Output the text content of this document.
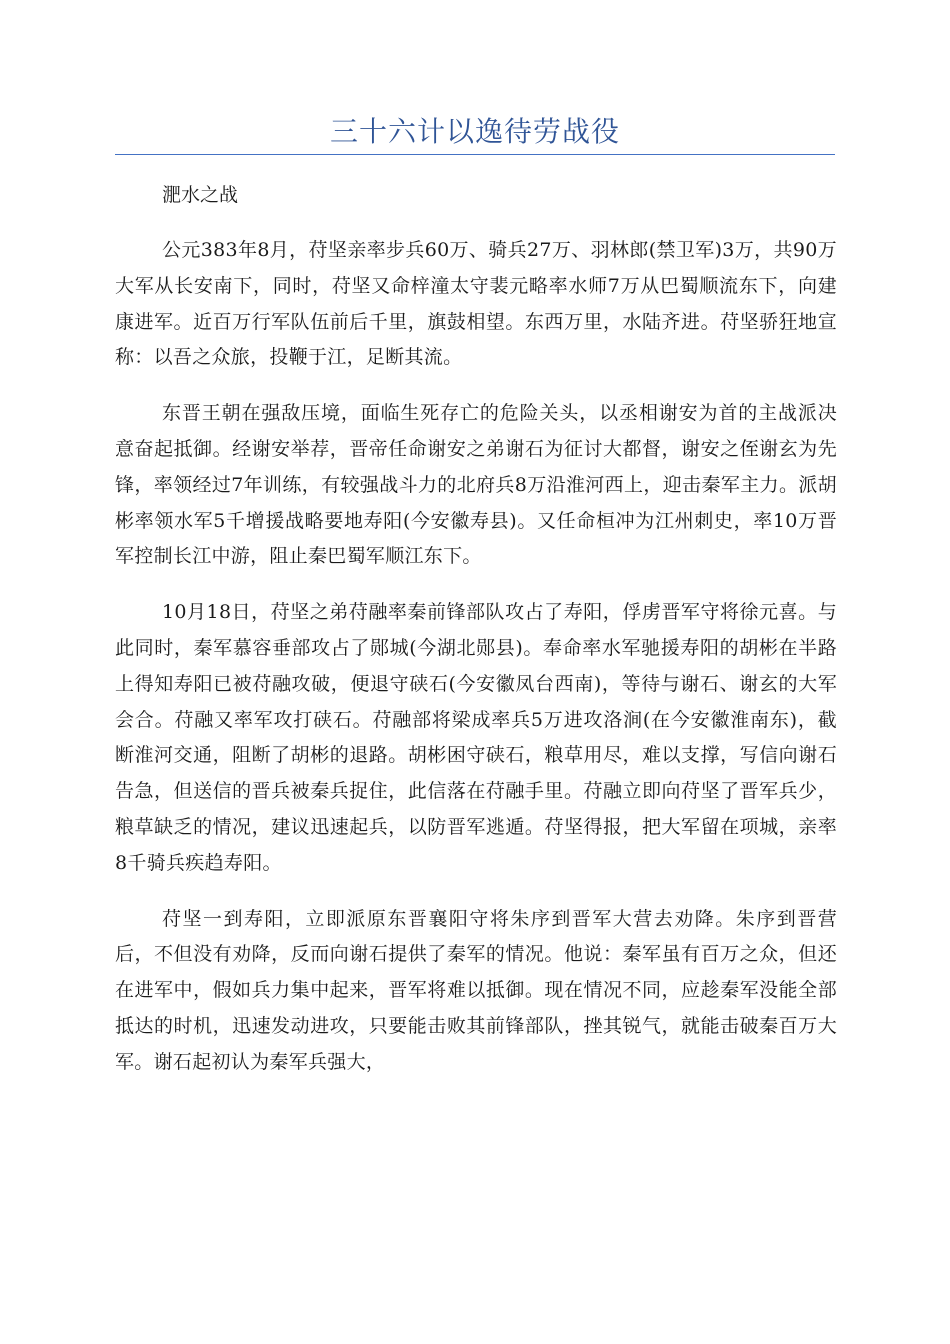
三十六计以逸待劳战役

淝水之战

公元383年8月，苻坚亲率步兵60万、骑兵27万、羽林郎(禁卫军)3万，共90万大军从长安南下，同时，苻坚又命梓潼太守裴元略率水师7万从巴蜀顺流东下，向建康进军。近百万行军队伍前后千里，旗鼓相望。东西万里，水陆齐进。苻坚骄狂地宣称：以吾之众旅，投鞭于江，足断其流。

东晋王朝在强敌压境，面临生死存亡的危险关头，以丞相谢安为首的主战派决意奋起抵御。经谢安举荐，晋帝任命谢安之弟谢石为征讨大都督，谢安之侄谢玄为先锋，率领经过7年训练，有较强战斗力的北府兵8万沿淮河西上，迎击秦军主力。派胡彬率领水军5千增援战略要地寿阳(今安徽寿县)。又任命桓冲为江州刺史，率10万晋军控制长江中游，阻止秦巴蜀军顺江东下。

10月18日，苻坚之弟苻融率秦前锋部队攻占了寿阳，俘虏晋军守将徐元喜。与此同时，秦军慕容垂部攻占了郧城(今湖北郧县)。奉命率水军驰援寿阳的胡彬在半路上得知寿阳已被苻融攻破，便退守硖石(今安徽凤台西南)，等待与谢石、谢玄的大军会合。苻融又率军攻打硖石。苻融部将梁成率兵5万进攻洛涧(在今安徽淮南东)，截断淮河交通，阻断了胡彬的退路。胡彬困守硖石，粮草用尽，难以支撑，写信向谢石告急，但送信的晋兵被秦兵捉住，此信落在苻融手里。苻融立即向苻坚了晋军兵少，粮草缺乏的情况，建议迅速起兵，以防晋军逃遁。苻坚得报，把大军留在项城，亲率8千骑兵疾趋寿阳。

苻坚一到寿阳，立即派原东晋襄阳守将朱序到晋军大营去劝降。朱序到晋营后，不但没有劝降，反而向谢石提供了秦军的情况。他说：秦军虽有百万之众，但还在进军中，假如兵力集中起来，晋军将难以抵御。现在情况不同，应趁秦军没能全部抵达的时机，迅速发动进攻，只要能击败其前锋部队，挫其锐气，就能击破秦百万大军。谢石起初认为秦军兵强大，
